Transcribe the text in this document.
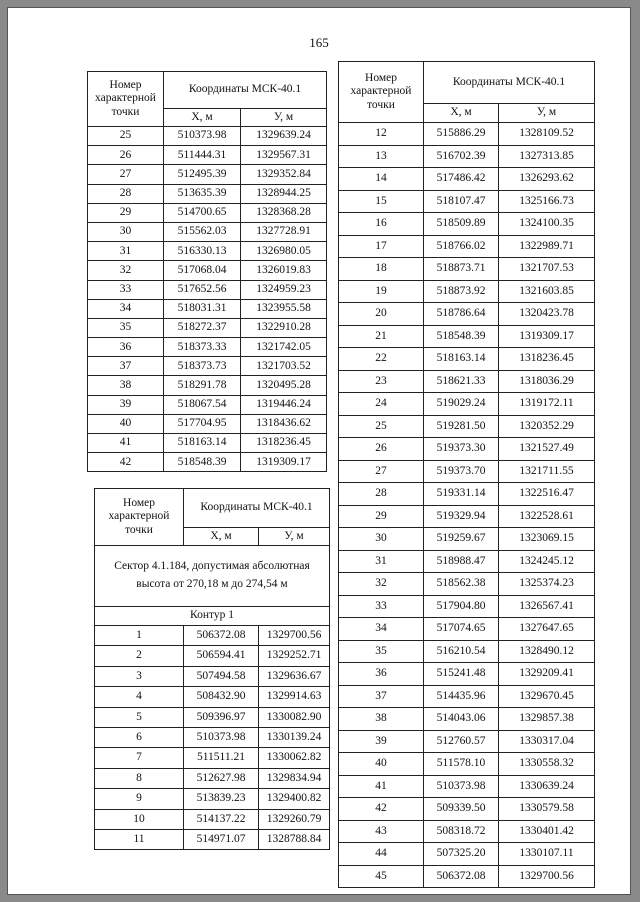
165
Номер характерной точки	Координаты МСК-40.1	
	Х, м	У, м
25	510373.98	1329639.24
26	511444.31	1329567.31
27	512495.39	1329352.84
28	513635.39	1328944.25
29	514700.65	1328368.28
30	515562.03	1327728.91
31	516330.13	1326980.05
32	517068.04	1326019.83
33	517652.56	1324959.23
34	518031.31	1323955.58
35	518272.37	1322910.28
36	518373.33	1321742.05
37	518373.73	1321703.52
38	518291.78	1320495.28
39	518067.54	1319446.24
40	517704.95	1318436.62
41	518163.14	1318236.45
42	518548.39	1319309.17
Номер характерной точки	Координаты МСК-40.1	
	Х, м	У, м
12	515886.29	1328109.52
13	516702.39	1327313.85
14	517486.42	1326293.62
15	518107.47	1325166.73
16	518509.89	1324100.35
17	518766.02	1322989.71
18	518873.71	1321707.53
19	518873.92	1321603.85
20	518786.64	1320423.78
21	518548.39	1319309.17
22	518163.14	1318236.45
23	518621.33	1318036.29
24	519029.24	1319172.11
25	519281.50	1320352.29
26	519373.30	1321527.49
27	519373.70	1321711.55
28	519331.14	1322516.47
29	519329.94	1322528.61
30	519259.67	1323069.15
31	518988.47	1324245.12
32	518562.38	1325374.23
33	517904.80	1326567.41
34	517074.65	1327647.65
35	516210.54	1328490.12
36	515241.48	1329209.41
37	514435.96	1329670.45
38	514043.06	1329857.38
39	512760.57	1330317.04
40	511578.10	1330558.32
41	510373.98	1330639.24
42	509339.50	1330579.58
43	508318.72	1330401.42
44	507325.20	1330107.11
45	506372.08	1329700.56
Номер характерной точки	Координаты МСК-40.1	
	Х, м	У, м
Сектор 4.1.184, допустимая абсолютная высота от 270,18 м до 274,54 м		
Контур 1		
1	506372.08	1329700.56
2	506594.41	1329252.71
3	507494.58	1329636.67
4	508432.90	1329914.63
5	509396.97	1330082.90
6	510373.98	1330139.24
7	511511.21	1330062.82
8	512627.98	1329834.94
9	513839.23	1329400.82
10	514137.22	1329260.79
11	514971.07	1328788.84
